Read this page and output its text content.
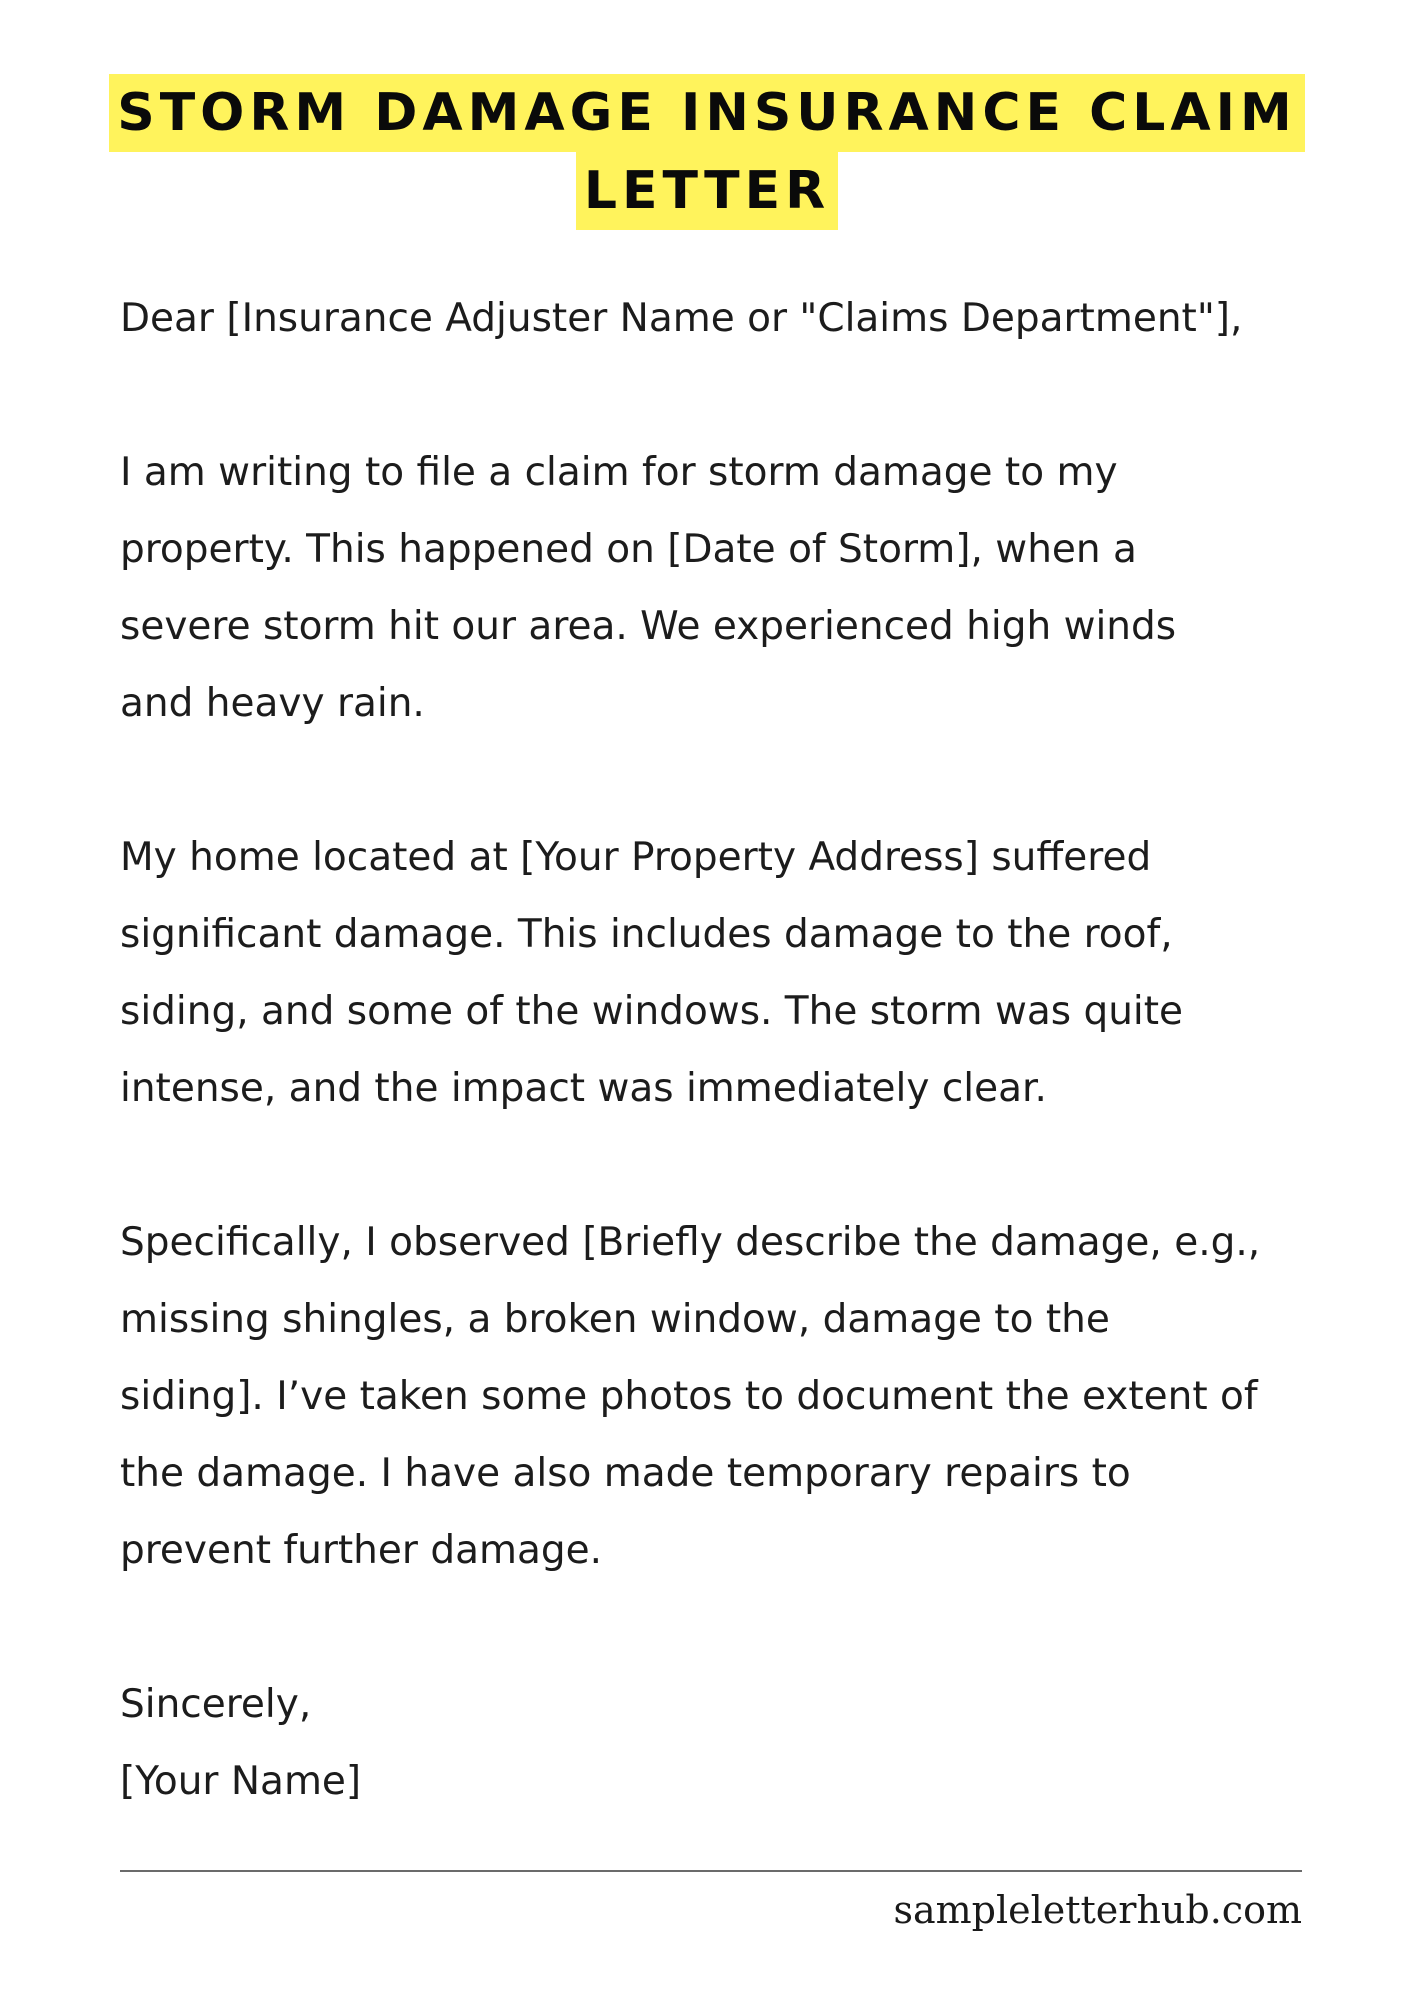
STORM DAMAGE INSURANCE CLAIM
LETTER

Dear [Insurance Adjuster Name or "Claims Department"],

I am writing to file a claim for storm damage to my
property. This happened on [Date of Storm], when a
severe storm hit our area. We experienced high winds
and heavy rain.

My home located at [Your Property Address] suffered
significant damage. This includes damage to the roof,
siding, and some of the windows. The storm was quite
intense, and the impact was immediately clear.

Specifically, I observed [Briefly describe the damage, e.g.,
missing shingles, a broken window, damage to the
siding]. I’ve taken some photos to document the extent of
the damage. I have also made temporary repairs to
prevent further damage.

Sincerely,

[Your Name]

sampleletterhub.com
